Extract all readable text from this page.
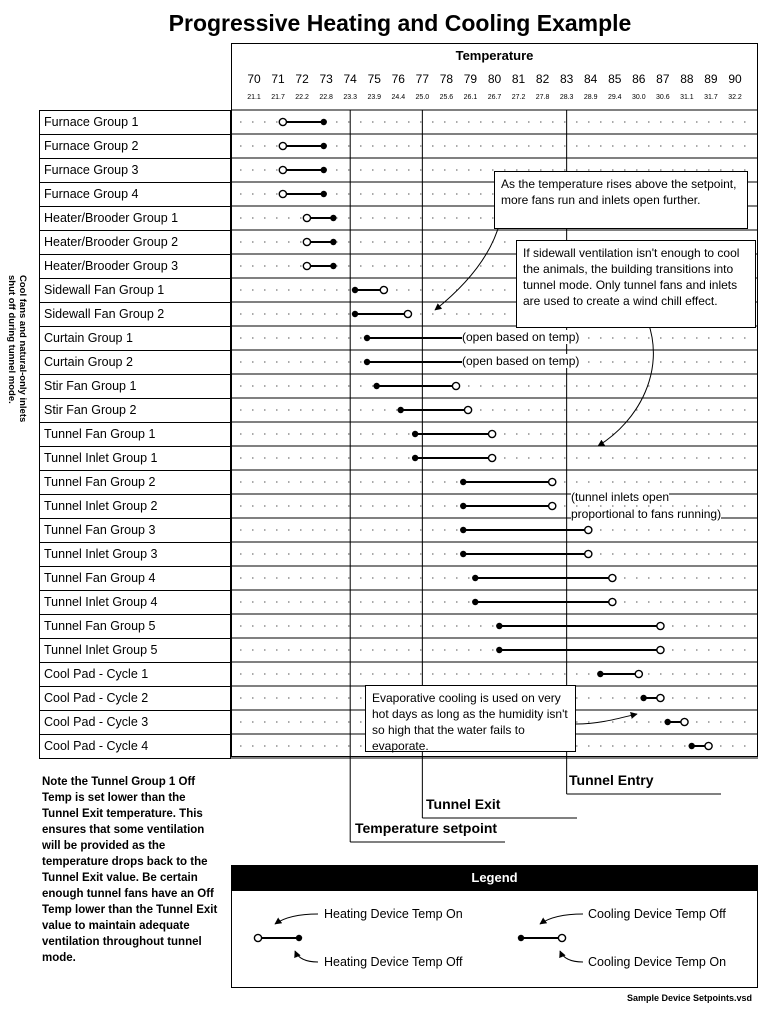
Progressive Heating and Cooling Example
Temperature
70
21.1
71
21.7
72
22.2
73
22.8
74
23.3
75
23.9
76
24.4
77
25.0
78
25.6
79
26.1
80
26.7
81
27.2
82
27.8
83
28.3
84
28.9
85
29.4
86
30.0
87
30.6
88
31.1
89
31.7
90
32.2
Furnace Group 1
Furnace Group 2
Furnace Group 3
Furnace Group 4
Heater/Brooder Group 1
Heater/Brooder Group 2
Heater/Brooder Group 3
Sidewall Fan Group 1
Sidewall Fan Group 2
Curtain Group 1
Curtain Group 2
Stir Fan Group 1
Stir Fan Group 2
Tunnel Fan Group 1
Tunnel Inlet Group 1
Tunnel Fan Group 2
Tunnel Inlet Group 2
Tunnel Fan Group 3
Tunnel Inlet Group 3
Tunnel Fan Group 4
Tunnel Inlet Group 4
Tunnel Fan Group 5
Tunnel Inlet Group 5
Cool Pad - Cycle 1
Cool Pad - Cycle 2
Cool Pad - Cycle 3
Cool Pad - Cycle 4
Cool fans and natural-only inlets shut off during tunnel mode.
As the temperature rises above the setpoint, more fans run and inlets open further.
If sidewall ventilation isn't enough to cool the animals, the building transitions into tunnel mode. Only tunnel fans and inlets are used to create a wind chill effect.
Evaporative cooling is used on very hot days as long as the humidity isn't so high that the water fails to evaporate.
(open based on temp)
(open based on temp)
(tunnel inlets open
proportional to fans running)
Tunnel Entry
Tunnel Exit
Temperature setpoint
Note the Tunnel Group 1 Off Temp is set lower than the Tunnel Exit temperature. This ensures that some ventilation will be provided as the temperature drops back to the Tunnel Exit value. Be certain enough tunnel fans have an Off Temp lower than the Tunnel Exit value to maintain adequate ventilation throughout tunnel mode.
Legend
Heating Device Temp On
Heating Device Temp Off
Cooling Device Temp Off
Cooling Device Temp On
Sample Device Setpoints.vsd
